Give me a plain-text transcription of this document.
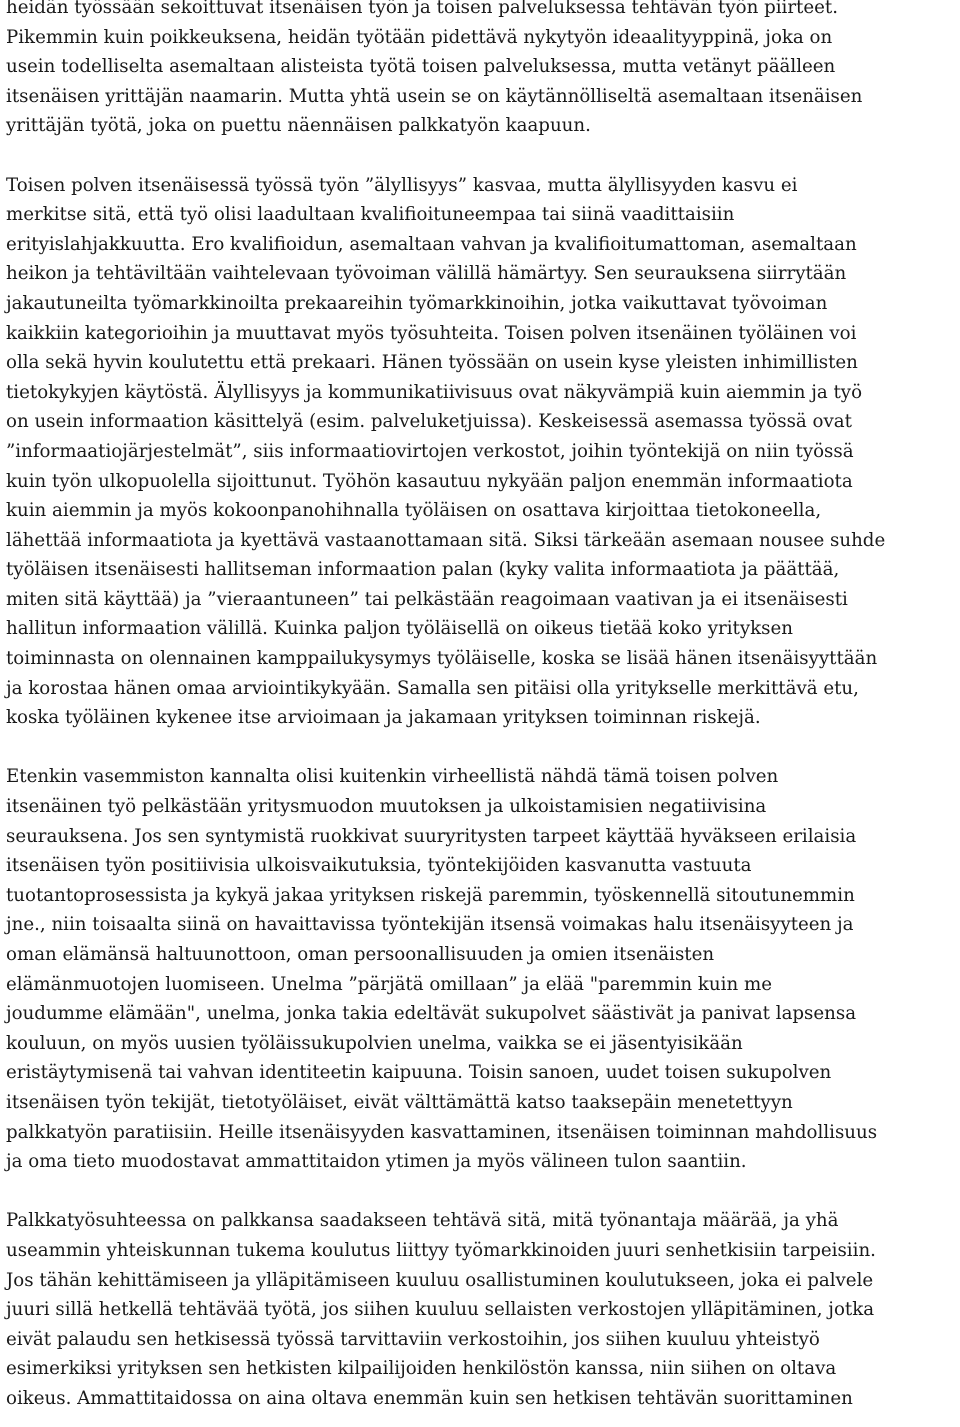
heidän työssään sekoittuvat itsenäisen työn ja toisen palveluksessa tehtävän työn piirteet.
Pikemmin kuin poikkeuksena, heidän työtään pidettävä nykytyön ideaalityyppinä, joka on
usein todelliselta asemaltaan alisteista työtä toisen palveluksessa, mutta vetänyt päälleen
itsenäisen yrittäjän naamarin. Mutta yhtä usein se on käytännölliseltä asemaltaan itsenäisen
yrittäjän työtä, joka on puettu näennäisen palkkatyön kaapuun.

Toisen polven itsenäisessä työssä työn ”älyllisyys” kasvaa, mutta älyllisyyden kasvu ei
merkitse sitä, että työ olisi laadultaan kvalifioituneempaa tai siinä vaadittaisiin
erityislahjakkuutta. Ero kvalifioidun, asemaltaan vahvan ja kvalifioitumattoman, asemaltaan
heikon ja tehtäviltään vaihtelevaan työvoiman välillä hämärtyy. Sen seurauksena siirrytään
jakautuneilta työmarkkinoilta prekaareihin työmarkkinoihin, jotka vaikuttavat työvoiman
kaikkiin kategorioihin ja muuttavat myös työsuhteita. Toisen polven itsenäinen työläinen voi
olla sekä hyvin koulutettu että prekaari. Hänen työssään on usein kyse yleisten inhimillisten
tietokykyjen käytöstä. Älyllisyys ja kommunikatiivisuus ovat näkyvämpiä kuin aiemmin ja työ
on usein informaation käsittelyä (esim. palveluketjuissa). Keskeisessä asemassa työssä ovat
”informaatiojärjestelmät”, siis informaatiovirtojen verkostot, joihin työntekijä on niin työssä
kuin työn ulkopuolella sijoittunut. Työhön kasautuu nykyään paljon enemmän informaatiota
kuin aiemmin ja myös kokoonpanohihnalla työläisen on osattava kirjoittaa tietokoneella,
lähettää informaatiota ja kyettävä vastaanottamaan sitä. Siksi tärkeään asemaan nousee suhde
työläisen itsenäisesti hallitseman informaation palan (kyky valita informaatiota ja päättää,
miten sitä käyttää) ja ”vieraantuneen” tai pelkästään reagoimaan vaativan ja ei itsenäisesti
hallitun informaation välillä. Kuinka paljon työläisellä on oikeus tietää koko yrityksen
toiminnasta on olennainen kamppailukysymys työläiselle, koska se lisää hänen itsenäisyyttään
ja korostaa hänen omaa arviointikykyään. Samalla sen pitäisi olla yritykselle merkittävä etu,
koska työläinen kykenee itse arvioimaan ja jakamaan yrityksen toiminnan riskejä.

Etenkin vasemmiston kannalta olisi kuitenkin virheellistä nähdä tämä toisen polven
itsenäinen työ pelkästään yritysmuodon muutoksen ja ulkoistamisien negatiivisina
seurauksena. Jos sen syntymistä ruokkivat suuryritysten tarpeet käyttää hyväkseen erilaisia
itsenäisen työn positiivisia ulkoisvaikutuksia, työntekijöiden kasvanutta vastuuta
tuotantoprosessista ja kykyä jakaa yrityksen riskejä paremmin, työskennellä sitoutunemmin
jne., niin toisaalta siinä on havaittavissa työntekijän itsensä voimakas halu itsenäisyyteen ja
oman elämänsä haltuunottoon, oman persoonallisuuden ja omien itsenäisten
elämänmuotojen luomiseen. Unelma ”pärjätä omillaan” ja elää "paremmin kuin me
joudumme elämään", unelma, jonka takia edeltävät sukupolvet säästivät ja panivat lapsensa
kouluun, on myös uusien työläissukupolvien unelma, vaikka se ei jäsentyisikään
eristäytymisenä tai vahvan identiteetin kaipuuna. Toisin sanoen, uudet toisen sukupolven
itsenäisen työn tekijät, tietotyöläiset, eivät välttämättä katso taaksepäin menetettyyn
palkkatyön paratiisiin. Heille itsenäisyyden kasvattaminen, itsenäisen toiminnan mahdollisuus
ja oma tieto muodostavat ammattitaidon ytimen ja myös välineen tulon saantiin.

Palkkatyösuhteessa on palkkansa saadakseen tehtävä sitä, mitä työnantaja määrää, ja yhä
useammin yhteiskunnan tukema koulutus liittyy työmarkkinoiden juuri senhetkisiin tarpeisiin.
Jos tähän kehittämiseen ja ylläpitämiseen kuuluu osallistuminen koulutukseen, joka ei palvele
juuri sillä hetkellä tehtävää työtä, jos siihen kuuluu sellaisten verkostojen ylläpitäminen, jotka
eivät palaudu sen hetkisessä työssä tarvittaviin verkostoihin, jos siihen kuuluu yhteistyö
esimerkiksi yrityksen sen hetkisten kilpailijoiden henkilöstön kanssa, niin siihen on oltava
oikeus. Ammattitaidossa on aina oltava enemmän kuin sen hetkisen tehtävän suorittaminen
